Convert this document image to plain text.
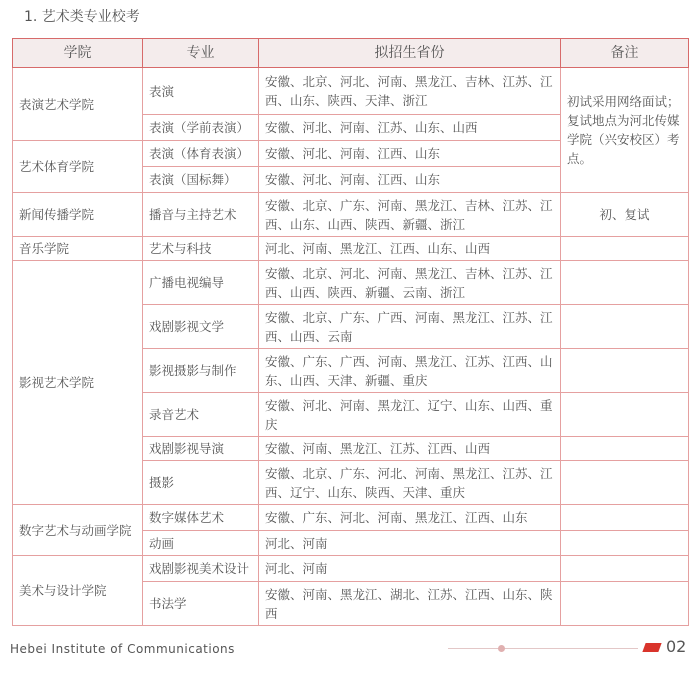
1. 艺术类专业校考
学院	专业	拟招生省份	备注
表演艺术学院	表演	安徽、北京、河北、河南、黑龙江、吉林、江苏、江西、山东、陕西、天津、浙江	初试采用网络面试；复试地点为河北传媒学院（兴安校区）考点。
	表演（学前表演）	安徽、河北、河南、江苏、山东、山西	
艺术体育学院	表演（体育表演）	安徽、河北、河南、江西、山东	
	表演（国标舞）	安徽、河北、河南、江西、山东	
新闻传播学院	播音与主持艺术	安徽、北京、广东、河南、黑龙江、吉林、江苏、江西、山东、山西、陕西、新疆、浙江	初、复试
音乐学院	艺术与科技	河北、河南、黑龙江、江西、山东、山西	
影视艺术学院	广播电视编导	安徽、北京、河北、河南、黑龙江、吉林、江苏、江西、山西、陕西、新疆、云南、浙江	
	戏剧影视文学	安徽、北京、广东、广西、河南、黑龙江、江苏、江西、山西、云南	
	影视摄影与制作	安徽、广东、广西、河南、黑龙江、江苏、江西、山东、山西、天津、新疆、重庆	
	录音艺术	安徽、河北、河南、黑龙江、辽宁、山东、山西、重庆	
	戏剧影视导演	安徽、河南、黑龙江、江苏、江西、山西	
	摄影	安徽、北京、广东、河北、河南、黑龙江、江苏、江西、辽宁、山东、陕西、天津、重庆	
数字艺术与动画学院	数字媒体艺术	安徽、广东、河北、河南、黑龙江、江西、山东	
	动画	河北、河南	
美术与设计学院	戏剧影视美术设计	河北、河南	
	书法学	安徽、河南、黑龙江、湖北、江苏、江西、山东、陕西	
Hebei Institute of Communications	02
